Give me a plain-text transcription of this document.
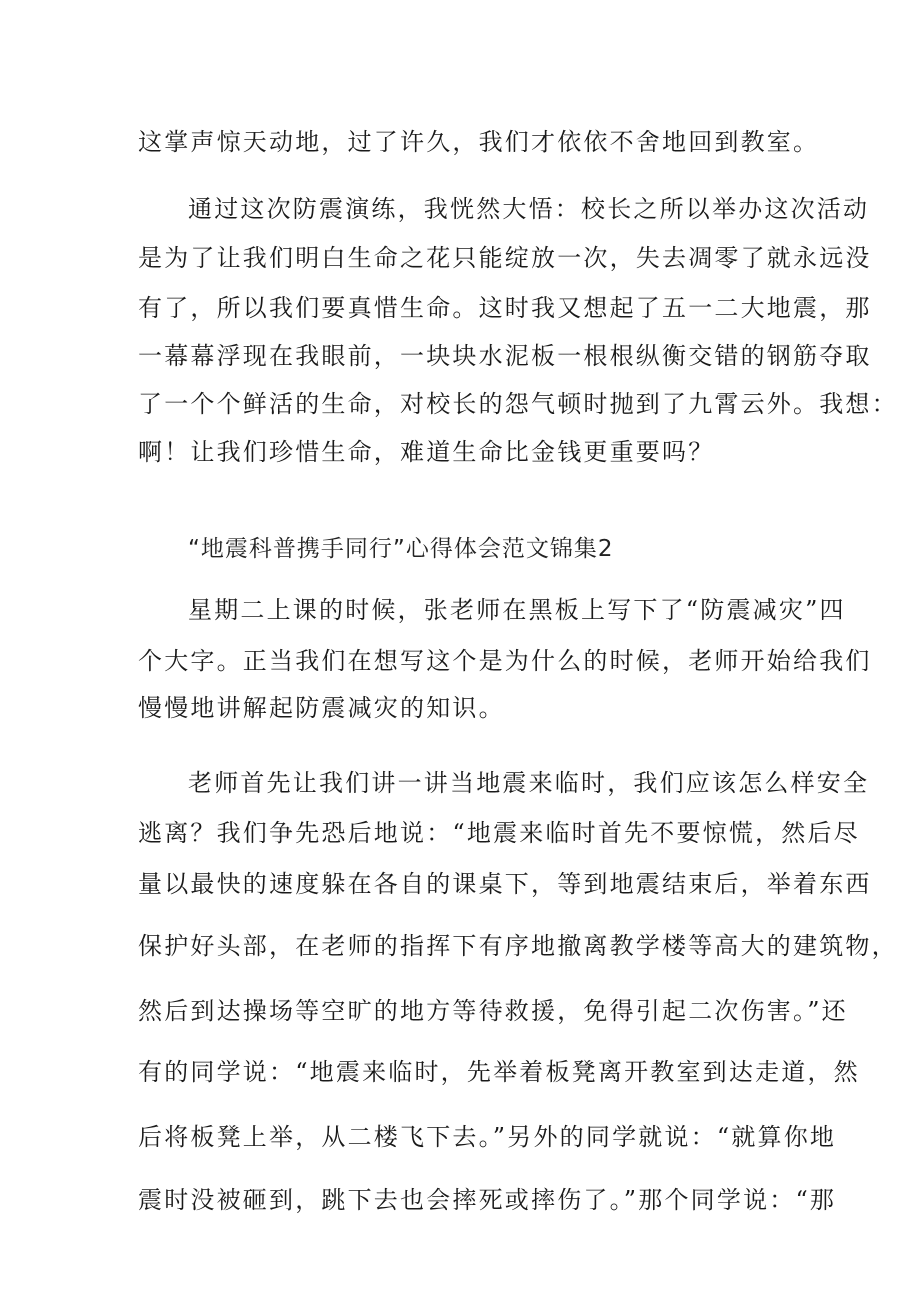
这掌声惊天动地，过了许久，我们才依依不舍地回到教室。

通过这次防震演练，我恍然大悟：校长之所以举办这次活动

是为了让我们明白生命之花只能绽放一次，失去凋零了就永远没

有了，所以我们要真惜生命。这时我又想起了五一二大地震，那

一幕幕浮现在我眼前，一块块水泥板一根根纵衡交错的钢筋夺取

了一个个鲜活的生命，对校长的怨气顿时抛到了九霄云外。我想：

啊！让我们珍惜生命，难道生命比金钱更重要吗？

“地震科普携手同行”心得体会范文锦集2

星期二上课的时候，张老师在黑板上写下了“防震减灾”四

个大字。正当我们在想写这个是为什么的时候，老师开始给我们

慢慢地讲解起防震减灾的知识。

老师首先让我们讲一讲当地震来临时，我们应该怎么样安全

逃离？我们争先恐后地说：“地震来临时首先不要惊慌，然后尽

量以最快的速度躲在各自的课桌下，等到地震结束后，举着东西

保护好头部，在老师的指挥下有序地撤离教学楼等高大的建筑物，

然后到达操场等空旷的地方等待救援，免得引起二次伤害。”还

有的同学说：“地震来临时，先举着板凳离开教室到达走道，然

后将板凳上举，从二楼飞下去。”另外的同学就说：“就算你地

震时没被砸到，跳下去也会摔死或摔伤了。”那个同学说：“那
